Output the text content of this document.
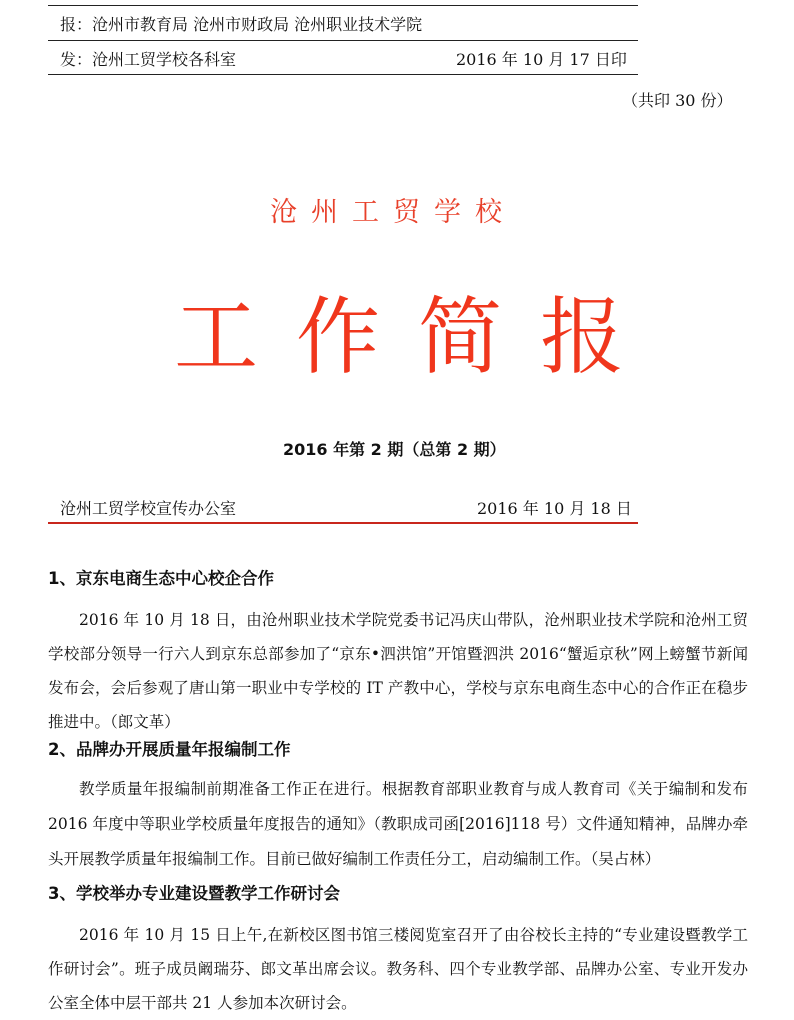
报：沧州市教育局 沧州市财政局 沧州职业技术学院
发：沧州工贸学校各科室	2016 年 10 月 17 日印
（共印 30 份）
沧州工贸学校
工作简报
2016 年第 2 期（总第 2 期）
沧州工贸学校宣传办公室	2016 年 10 月 18 日
1、京东电商生态中心校企合作
2016 年 10 月 18 日，由沧州职业技术学院党委书记冯庆山带队，沧州职业技术学院和沧州工贸学校部分领导一行六人到京东总部参加了“京东•泗洪馆”开馆暨泗洪 2016“蟹逅京秋”网上螃蟹节新闻发布会，会后参观了唐山第一职业中专学校的 IT 产教中心，学校与京东电商生态中心的合作正在稳步推进中。（郎文革）
2、品牌办开展质量年报编制工作
教学质量年报编制前期准备工作正在进行。根据教育部职业教育与成人教育司《关于编制和发布 2016 年度中等职业学校质量年度报告的通知》（教职成司函[2016]118 号）文件通知精神，品牌办牵头开展教学质量年报编制工作。目前已做好编制工作责任分工，启动编制工作。（吴占林）
3、学校举办专业建设暨教学工作研讨会
2016 年 10 月 15 日上午,在新校区图书馆三楼阅览室召开了由谷校长主持的“专业建设暨教学工作研讨会”。班子成员阚瑞芬、郎文革出席会议。教务科、四个专业教学部、品牌办公室、专业开发办公室全体中层干部共 21 人参加本次研讨会。
